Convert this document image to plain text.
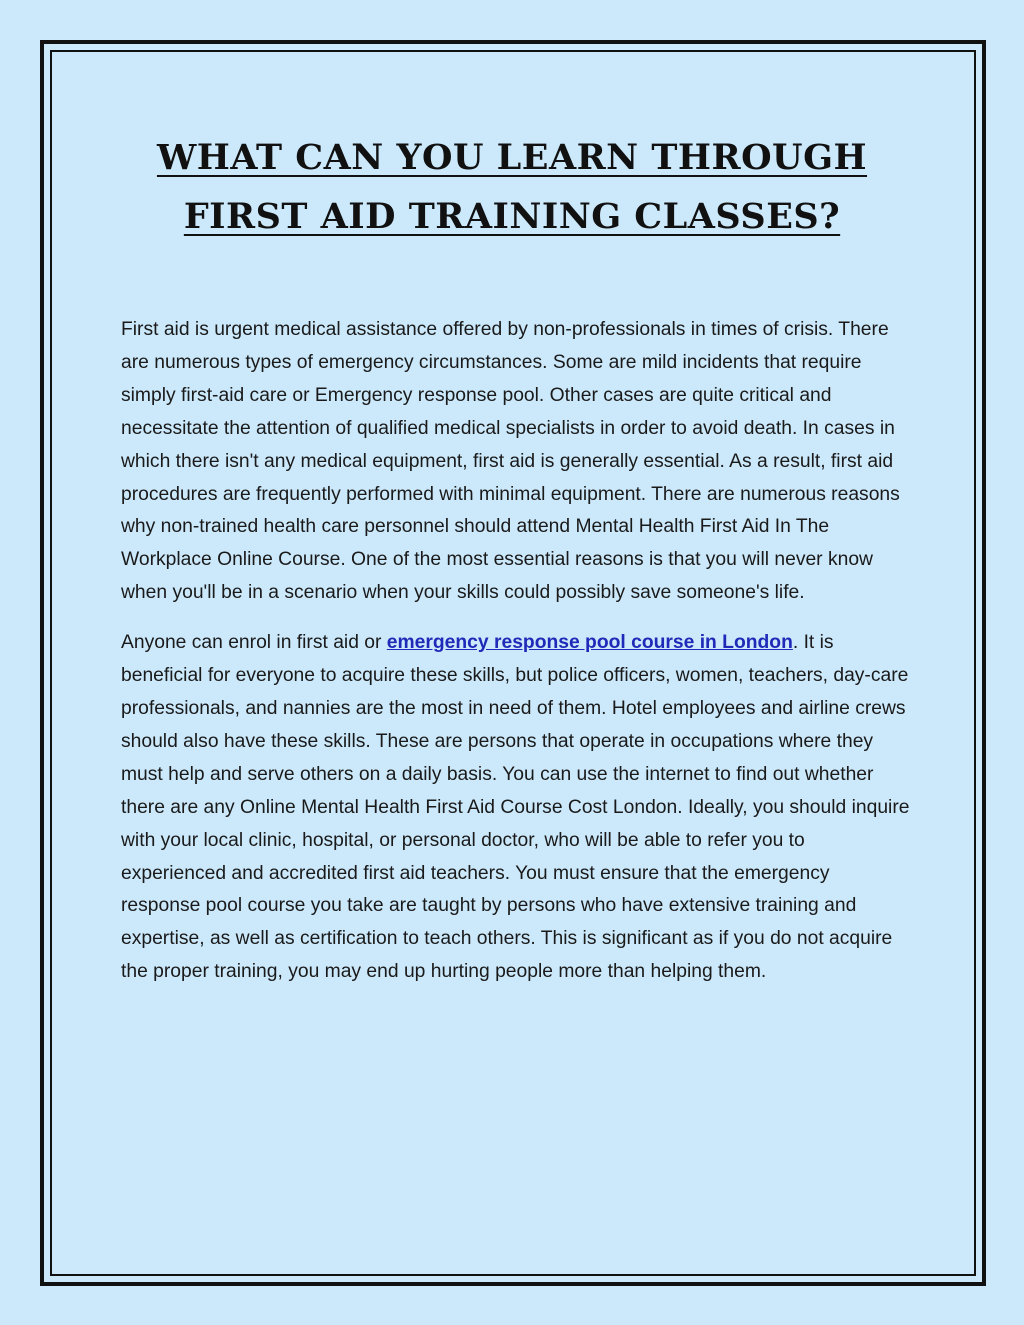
WHAT CAN YOU LEARN THROUGH
FIRST AID TRAINING CLASSES?

First aid is urgent medical assistance offered by non-professionals in times of crisis. There are numerous types of emergency circumstances. Some are mild incidents that require simply first-aid care or Emergency response pool. Other cases are quite critical and necessitate the attention of qualified medical specialists in order to avoid death. In cases in which there isn't any medical equipment, first aid is generally essential. As a result, first aid procedures are frequently performed with minimal equipment. There are numerous reasons why non-trained health care personnel should attend Mental Health First Aid In The Workplace Online Course. One of the most essential reasons is that you will never know when you'll be in a scenario when your skills could possibly save someone's life.

Anyone can enrol in first aid or emergency response pool course in London. It is beneficial for everyone to acquire these skills, but police officers, women, teachers, day-care professionals, and nannies are the most in need of them. Hotel employees and airline crews should also have these skills. These are persons that operate in occupations where they must help and serve others on a daily basis. You can use the internet to find out whether there are any Online Mental Health First Aid Course Cost London. Ideally, you should inquire with your local clinic, hospital, or personal doctor, who will be able to refer you to experienced and accredited first aid teachers. You must ensure that the emergency response pool course you take are taught by persons who have extensive training and expertise, as well as certification to teach others. This is significant as if you do not acquire the proper training, you may end up hurting people more than helping them.
